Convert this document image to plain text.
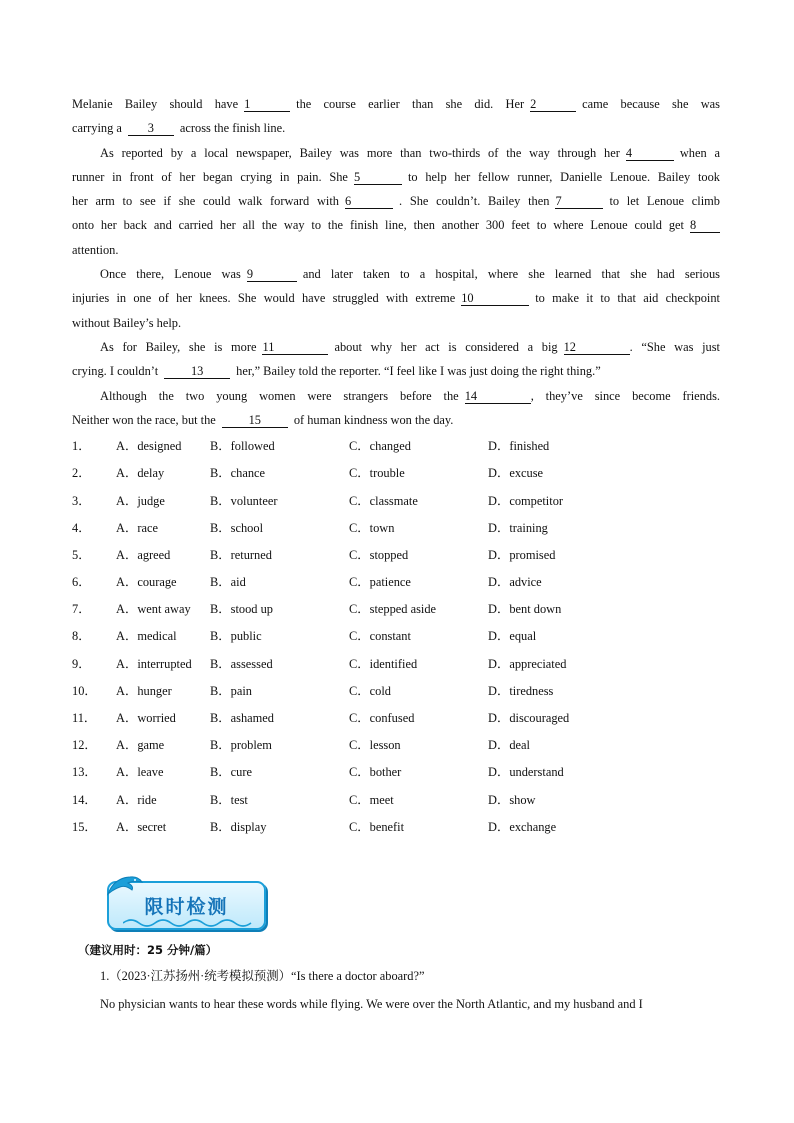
Melanie Bailey should have 1	the course earlier than she did. Her 2	came because she was
carrying a 3 across the finish line.
As reported by a local newspaper, Bailey was more than two-thirds of the way through her 4	when a
runner in front of her began crying in pain. She 5	to help her fellow runner, Danielle Lenoue. Bailey took
her arm to see if she could walk forward with 6	. She couldn’t. Bailey then 7	to let Lenoue climb
onto her back and carried her all the way to the finish line, then another 300 feet to where Lenoue could get 8
attention.
Once there, Lenoue was 9	and later taken to a hospital, where she learned that she had serious
injuries in one of her knees. She would have struggled with extreme 10	to make it to that aid checkpoint
without Bailey’s help.
As for Bailey, she is more 11	about why her act is considered a big 12	. “She was just
crying. I couldn’t	13	her,” Bailey told the reporter. “I feel like I was just doing the right thing.”
Although the two young women were strangers before the 14	, they’ve since become friends.
Neither won the race, but the	15	of human kindness won the day.
1． A．designed B．followed	C．changed	D．finished
2． A．delay	B．chance	C．trouble	D．excuse
3． A．judge	B．volunteer	C．classmate	D．competitor
4． A．race	B．school	C．town	D．training
5． A．agreed	B．returned	C．stopped	D．promised
6． A．courage	B．aid	C．patience	D．advice
7． A．went away B．stood up	C．stepped aside	D．bent down
8． A．medical	B．public	C．constant	D．equal
9． A．interrupted B．assessed	C．identified	D．appreciated
10． A．hunger	B．pain	C．cold	D．tiredness
11． A．worried	B．ashamed	C．confused	D．discouraged
12． A．game	B．problem	C．lesson	D．deal
13． A．leave	B．cure	C．bother	D．understand
14． A．ride	B．test	C．meet	D．show
15． A．secret	B．display	C．benefit	D．exchange
限时检测
（建议用时：25 分钟/篇）
1.（2023·江苏扬州·统考模拟预测）“Is there a doctor aboard?”
No physician wants to hear these words while flying. We were over the North Atlantic, and my husband and I
